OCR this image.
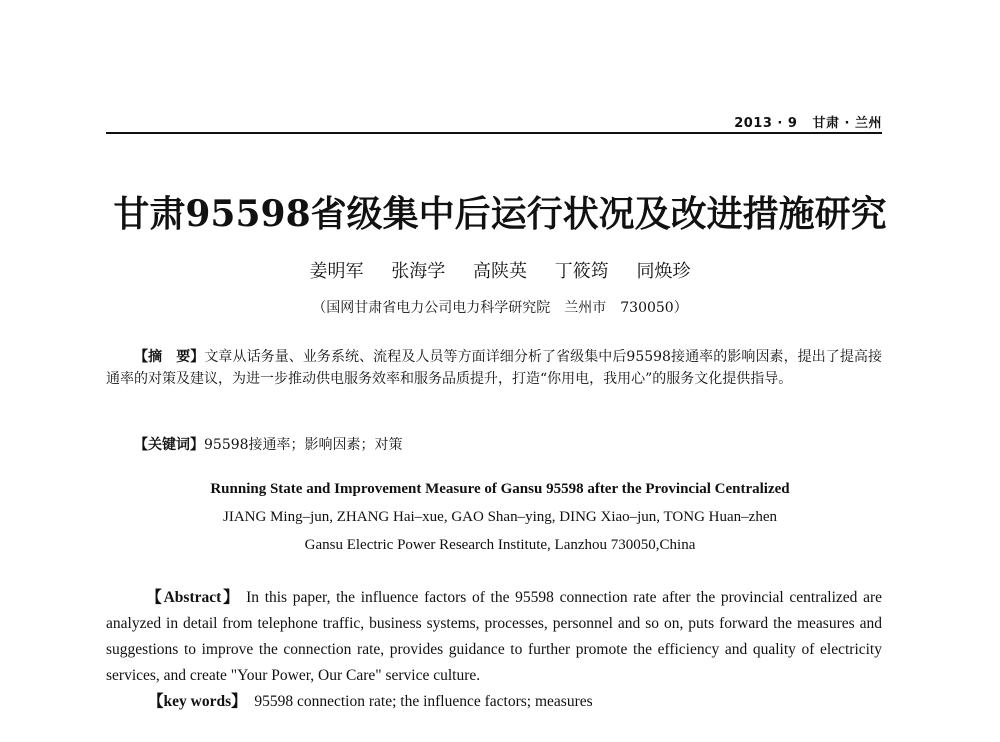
2013 · 9 甘肃 · 兰州
甘肃95598省级集中后运行状况及改进措施研究
姜明军 张海学 高陕英 丁筱筠 同焕珍
（国网甘肃省电力公司电力科学研究院　兰州市　730050）
【摘　要】文章从话务量、业务系统、流程及人员等方面详细分析了省级集中后95598接通率的影响因素，提出了提高接通率的对策及建议，为进一步推动供电服务效率和服务品质提升，打造“你用电，我用心”的服务文化提供指导。
【关键词】95598接通率；影响因素；对策
Running State and Improvement Measure of Gansu 95598 after the Provincial Centralized
JIANG Ming–jun, ZHANG Hai–xue, GAO Shan–ying, DING Xiao–jun, TONG Huan–zhen
Gansu Electric Power Research Institute, Lanzhou 730050,China
【Abstract】 In this paper, the influence factors of the 95598 connection rate after the provincial centralized are analyzed in detail from telephone traffic, business systems, processes, personnel and so on, puts forward the measures and suggestions to improve the connection rate, provides guidance to further promote the efficiency and quality of electricity services, and create "Your Power, Our Care" service culture.
【key words】 95598 connection rate; the influence factors; measures
